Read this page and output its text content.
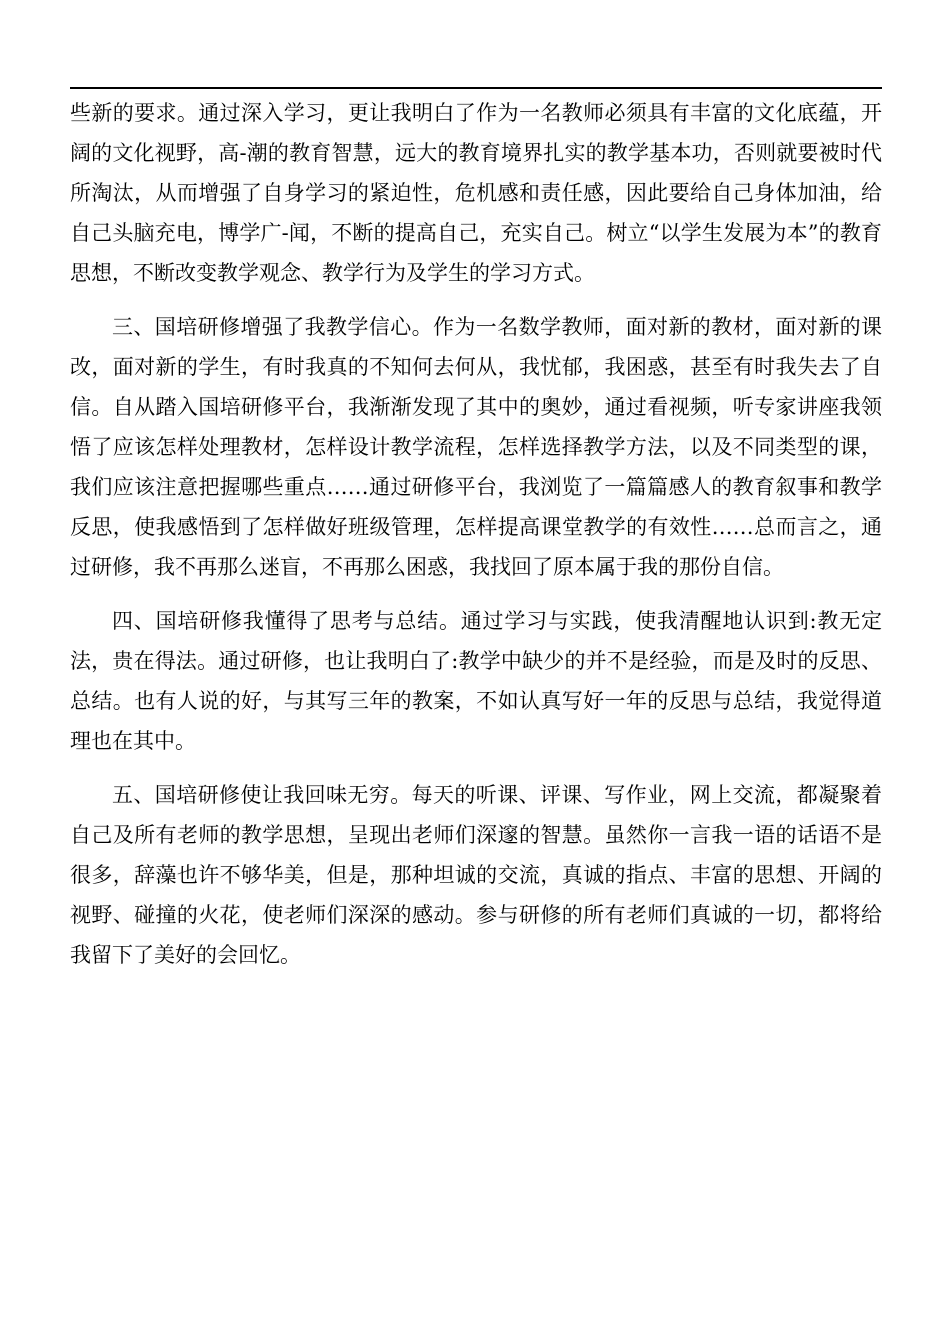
些新的要求。通过深入学习，更让我明白了作为一名教师必须具有丰富的文化底蕴，开阔的文化视野，高-潮的教育智慧，远大的教育境界扎实的教学基本功，否则就要被时代所淘汰，从而增强了自身学习的紧迫性，危机感和责任感，因此要给自己身体加油，给自己头脑充电，博学广-闻，不断的提高自己，充实自己。树立“以学生发展为本”的教育思想，不断改变教学观念、教学行为及学生的学习方式。

三、国培研修增强了我教学信心。作为一名数学教师，面对新的教材，面对新的课改，面对新的学生，有时我真的不知何去何从，我忧郁，我困惑，甚至有时我失去了自信。自从踏入国培研修平台，我渐渐发现了其中的奥妙，通过看视频，听专家讲座我领悟了应该怎样处理教材，怎样设计教学流程，怎样选择教学方法，以及不同类型的课，我们应该注意把握哪些重点……通过研修平台，我浏览了一篇篇感人的教育叙事和教学反思，使我感悟到了怎样做好班级管理，怎样提高课堂教学的有效性……总而言之，通过研修，我不再那么迷盲，不再那么困惑，我找回了原本属于我的那份自信。

四、国培研修我懂得了思考与总结。通过学习与实践，使我清醒地认识到:教无定法，贵在得法。通过研修，也让我明白了:教学中缺少的并不是经验，而是及时的反思、总结。也有人说的好，与其写三年的教案，不如认真写好一年的反思与总结，我觉得道理也在其中。

五、国培研修使让我回味无穷。每天的听课、评课、写作业，网上交流，都凝聚着自己及所有老师的教学思想，呈现出老师们深邃的智慧。虽然你一言我一语的话语不是很多，辞藻也许不够华美，但是，那种坦诚的交流，真诚的指点、丰富的思想、开阔的视野、碰撞的火花，使老师们深深的感动。参与研修的所有老师们真诚的一切，都将给我留下了美好的会回忆。
